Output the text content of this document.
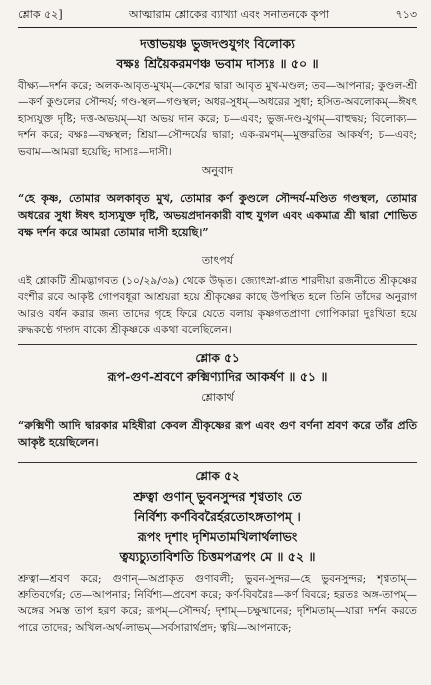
শ্লোক ৫২]	আত্মারাম শ্লোকের ব্যাখ্যা এবং সনাতনকে কৃপা	৭১৩
দত্তাভয়ঞ্চ ভুজদণ্ডযুগং বিলোক্য
বক্ষঃ শ্রিয়ৈকরমণঞ্চ ভবাম দাস্যঃ ॥ ৫০ ॥

বীক্ষ্য—দর্শন করে; অলক-আবৃত-মুখম্—কেশের দ্বারা আবৃত মুখ-মণ্ডল; তব—আপনার; কুণ্ডল-শ্রী—কর্ণ কুণ্ডলের সৌন্দর্য; গণ্ড-স্থল—গণ্ডস্থল; অধর-সুধম্—অধরের সুধা; হসিত-অবলোকম্—ঈষৎ হাস্যযুক্ত দৃষ্টি; দত্ত-অভয়ম্—যা অভয় দান করে; চ—এবং; ভুজ-দণ্ড-যুগম্—বাহুদ্বয়; বিলোক্য—দর্শন করে; বক্ষঃ—বক্ষস্থল; শ্রিয়া—সৌন্দর্যের দ্বারা; এক-রমণম্—মুক্তরতির আকর্ষণ; চ—এবং; ভবাম—আমরা হয়েছি; দাস্যঃ—দাসী।

অনুবাদ

“হে কৃষ্ণ, তোমার অলকাবৃত মুখ, তোমার কর্ণ কুণ্ডলে সৌন্দর্য-মণ্ডিত গণ্ডস্থল, তোমার অধরের সুধা ঈষৎ হাস্যযুক্ত দৃষ্টি, অভয়প্রদানকারী বাহু যুগল এবং একমাত্র শ্রী দ্বারা শোভিত বক্ষ দর্শন করে আমরা তোমার দাসী হয়েছি।”

তাৎপর্য

এই শ্লোকটি শ্রীমদ্ভাগবত (১০/২৯/৩৯) থেকে উদ্ধৃত। জ্যোৎস্না-প্লাত শারদীয়া রজনীতে শ্রীকৃষ্ণের বংশীর রবে আকৃষ্ট গোপবধূরা আশ্রয়রা হয়ে শ্রীকৃষ্ণের কাছে উপস্থিত হলে তিনি তাঁদের অনুরাগ আরও বর্ধন করার জন্য তাদের গৃহে ফিরে যেতে বলায় কৃষ্ণগতপ্রাণা গোপিকারা দুঃখিতা হয়ে রুদ্ধকণ্ঠে গদ্গদ বাক্যে শ্রীকৃষ্ণকে একথা বলেছিলেন।

শ্লোক ৫১
রূপ-গুণ-শ্রবণে রুক্মিণ্যাদির আকর্ষণ ॥ ৫১ ॥
শ্লোকার্থ

“রুক্মিণী আদি দ্বারকার মহিষীরা কেবল শ্রীকৃষ্ণের রূপ এবং গুণ বর্ণনা শ্রবণ করে তাঁর প্রতি আকৃষ্ট হয়েছিলেন।

শ্লোক ৫২
শ্রুত্বা গুণান্ ভুবনসুন্দর শৃণ্বতাং তে
নির্বিশ্য কর্ণবিবরৈর্হরতোঽঙ্গতাপম্ ।
রূপং দৃশাং দৃশিমতামখিলার্থলাভং
ত্বয্যচ্যুতাবিশতি চিত্তমপত্রপং মে ॥ ৫২ ॥

শ্রুত্বা—শ্রবণ করে; গুণান্—অপ্রাকৃত গুণাবলী; ভুবন-সুন্দর—হে ভুবনসুন্দর; শৃণ্বতাম্—শ্রুতিবর্গের; তে—আপনার; নির্বিশ্য—প্রবেশ করে; কর্ণ-বিবরৈঃ—কর্ণ বিবরে; হরতঃ অঙ্গ-তাপম্—অঙ্গের সমস্ত তাপ হরণ করে; রূপম্—সৌন্দর্য; দৃশাম্—চক্ষুষ্মানের; দৃশিমতাম্—যারা দর্শন করতে পারে তাদের; অখিল-অর্থ-লাভম্—সর্বসারার্থপ্রদ; ত্বয়ি—আপনাকে;
